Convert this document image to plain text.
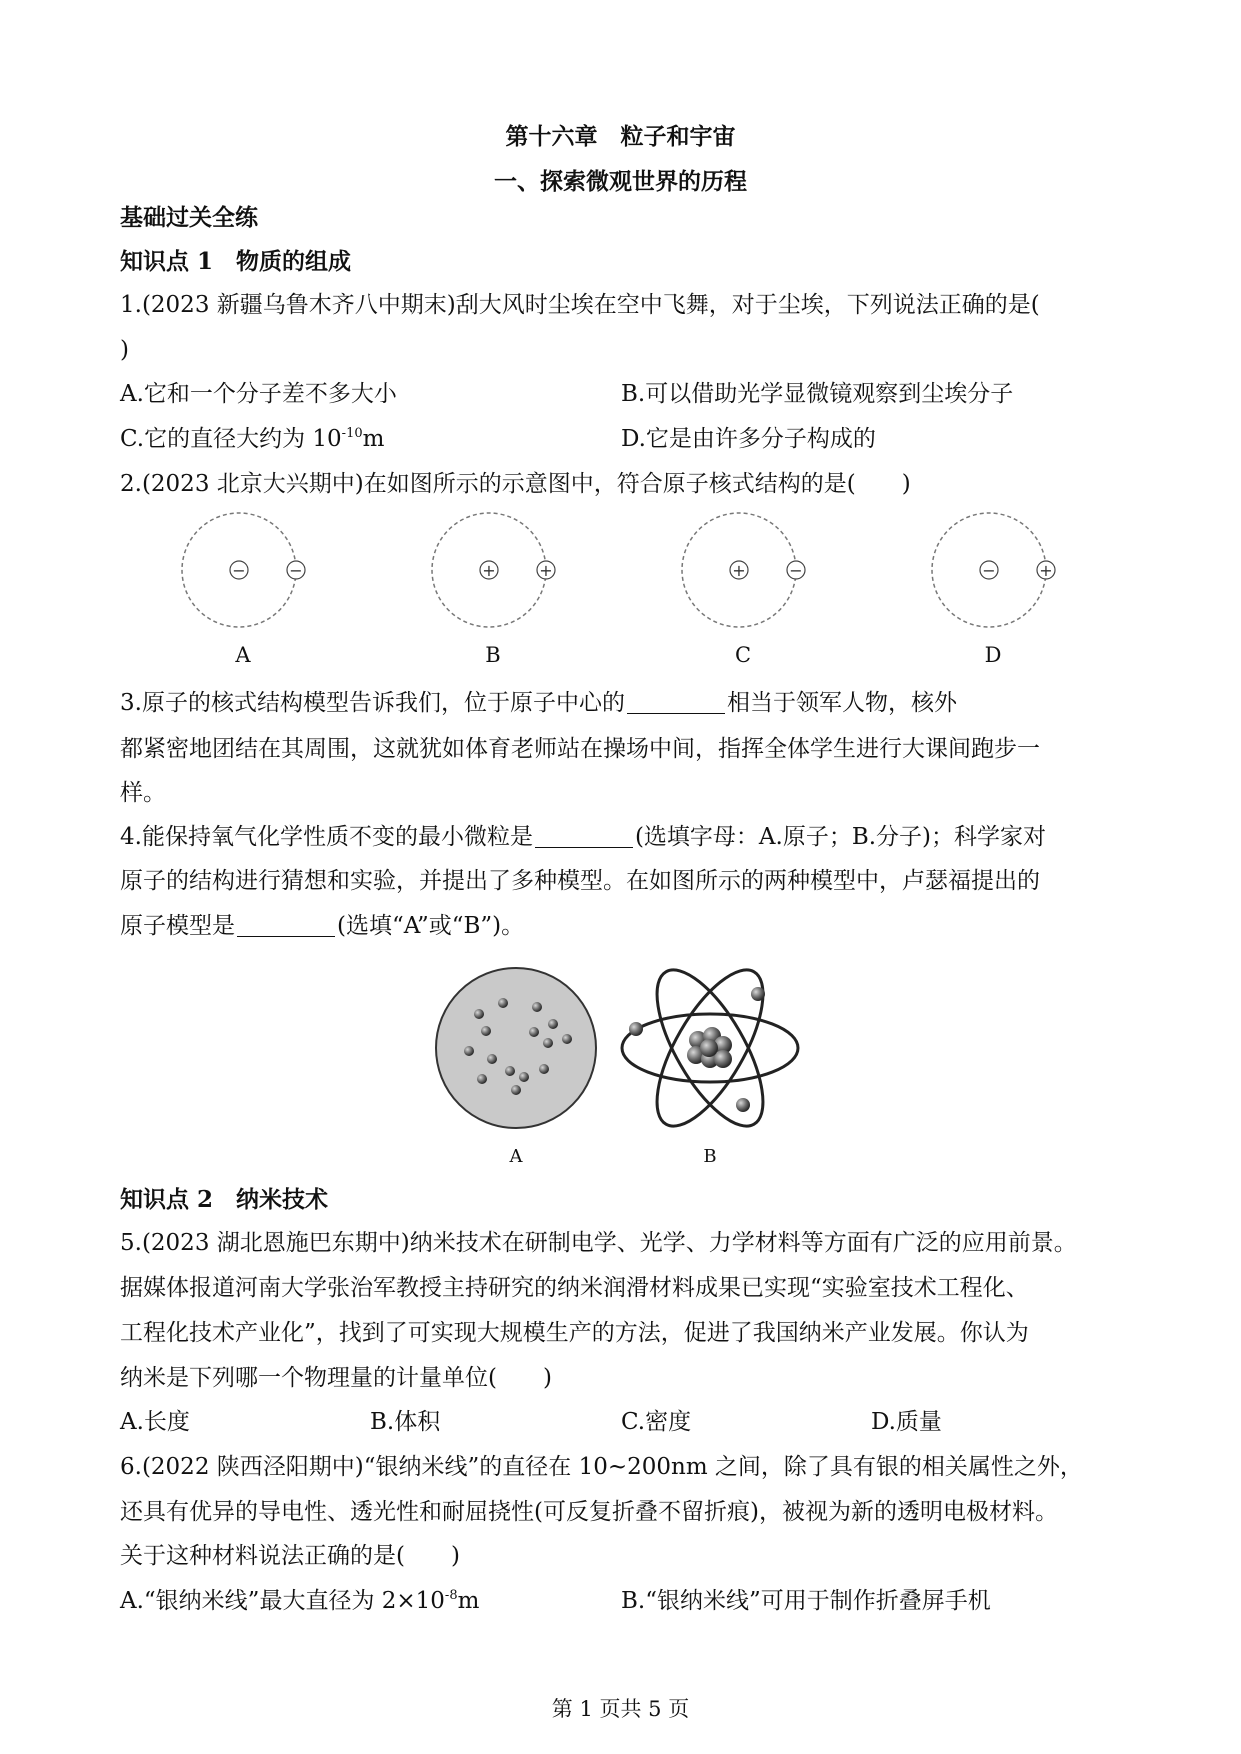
第十六章　粒子和宇宙
一、探索微观世界的历程
基础过关全练
知识点 1　物质的组成
1.(2023 新疆乌鲁木齐八中期末)刮大风时尘埃在空中飞舞，对于尘埃，下列说法正确的是(
)
A.它和一个分子差不多大小	B.可以借助光学显微镜观察到尘埃分子
C.它的直径大约为 $10^{-10}m$	D.它是由许多分子构成的
2.(2023 北京大兴期中)在如图所示的示意图中，符合原子核式结构的是(　　)
−	−	+	+	+	−	−	+
A	B	C	D
3.原子的核式结构模型告诉我们，位于原子中心的	相当于领军人物，核外
都紧密地团结在其周围，这就犹如体育老师站在操场中间，指挥全体学生进行大课间跑步一
样。
4.能保持氧气化学性质不变的最小微粒是	(选填字母：A.原子；B.分子)；科学家对
原子的结构进行猜想和实验，并提出了多种模型。在如图所示的两种模型中，卢瑟福提出的
原子模型是	(选填“A”或“B”)。
A	B
知识点 2　纳米技术
5.(2023 湖北恩施巴东期中)纳米技术在研制电学、光学、力学材料等方面有广泛的应用前景。
据媒体报道河南大学张治军教授主持研究的纳米润滑材料成果已实现“实验室技术工程化、
工程化技术产业化”，找到了可实现大规模生产的方法，促进了我国纳米产业发展。你认为
纳米是下列哪一个物理量的计量单位(　　)
A.长度	B.体积	C.密度	D.质量
6.(2022 陕西泾阳期中)“银纳米线”的直径在 10~200nm 之间，除了具有银的相关属性之外，
还具有优异的导电性、透光性和耐屈挠性(可反复折叠不留折痕)，被视为新的透明电极材料。
关于这种材料说法正确的是(　　)
A.“银纳米线”最大直径为 $2\times 10^{-8}m$	B.“银纳米线”可用于制作折叠屏手机
第 1 页共 5 页
